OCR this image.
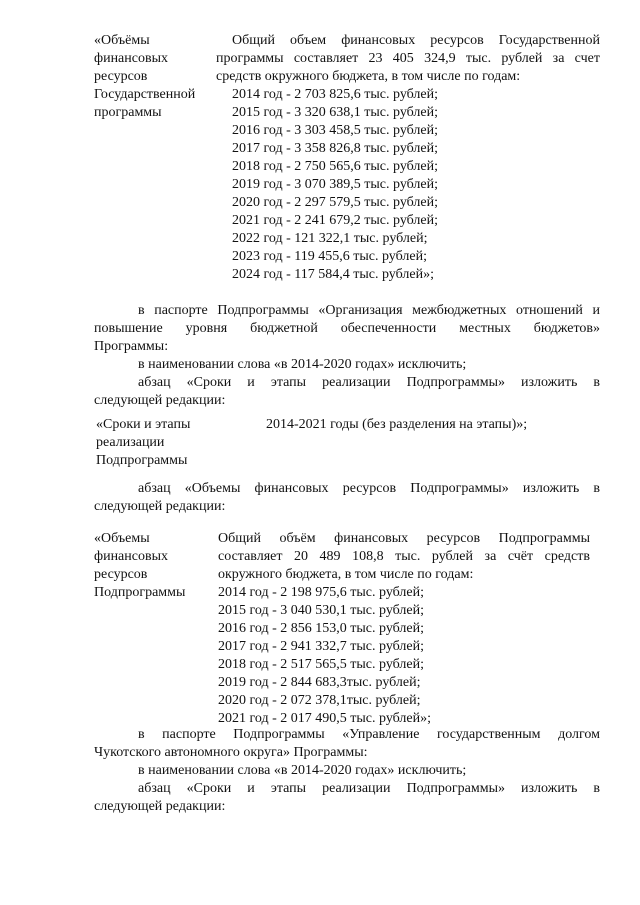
«Объёмы
финансовых
ресурсов
Государственной
программы
Общий объем финансовых ресурсов Государственной
программы составляет 23 405 324,9 тыс. рублей за счет
средств окружного бюджета, в том числе по годам:
2014 год - 2 703 825,6 тыс. рублей;
2015 год - 3 320 638,1 тыс. рублей;
2016 год - 3 303 458,5 тыс. рублей;
2017 год - 3 358 826,8 тыс. рублей;
2018 год - 2 750 565,6 тыс. рублей;
2019 год - 3 070 389,5 тыс. рублей;
2020 год - 2 297 579,5 тыс. рублей;
2021 год - 2 241 679,2 тыс. рублей;
2022 год - 121 322,1 тыс. рублей;
2023 год - 119 455,6 тыс. рублей;
2024 год - 117 584,4 тыс. рублей»;
в паспорте Подпрограммы «Организация межбюджетных отношений и
повышение уровня бюджетной обеспеченности местных бюджетов»
Программы:
в наименовании слова «в 2014-2020 годах» исключить;
абзац «Сроки и этапы реализации Подпрограммы» изложить в
следующей редакции:
«Сроки и этапы
реализации
Подпрограммы
2014-2021 годы (без разделения на этапы)»;
абзац «Объемы финансовых ресурсов Подпрограммы» изложить в
следующей редакции:
«Объемы
финансовых
ресурсов
Подпрограммы
Общий объём финансовых ресурсов Подпрограммы
составляет 20 489 108,8 тыс. рублей за счёт средств
окружного бюджета, в том числе по годам:
2014 год - 2 198 975,6 тыс. рублей;
2015 год - 3 040 530,1 тыс. рублей;
2016 год - 2 856 153,0 тыс. рублей;
2017 год - 2 941 332,7 тыс. рублей;
2018 год - 2 517 565,5 тыс. рублей;
2019 год - 2 844 683,3тыс. рублей;
2020 год - 2 072 378,1тыс. рублей;
2021 год - 2 017 490,5 тыс. рублей»;
в паспорте Подпрограммы «Управление государственным долгом
Чукотского автономного округа» Программы:
в наименовании слова «в 2014-2020 годах» исключить;
абзац «Сроки и этапы реализации Подпрограммы» изложить в
следующей редакции:
